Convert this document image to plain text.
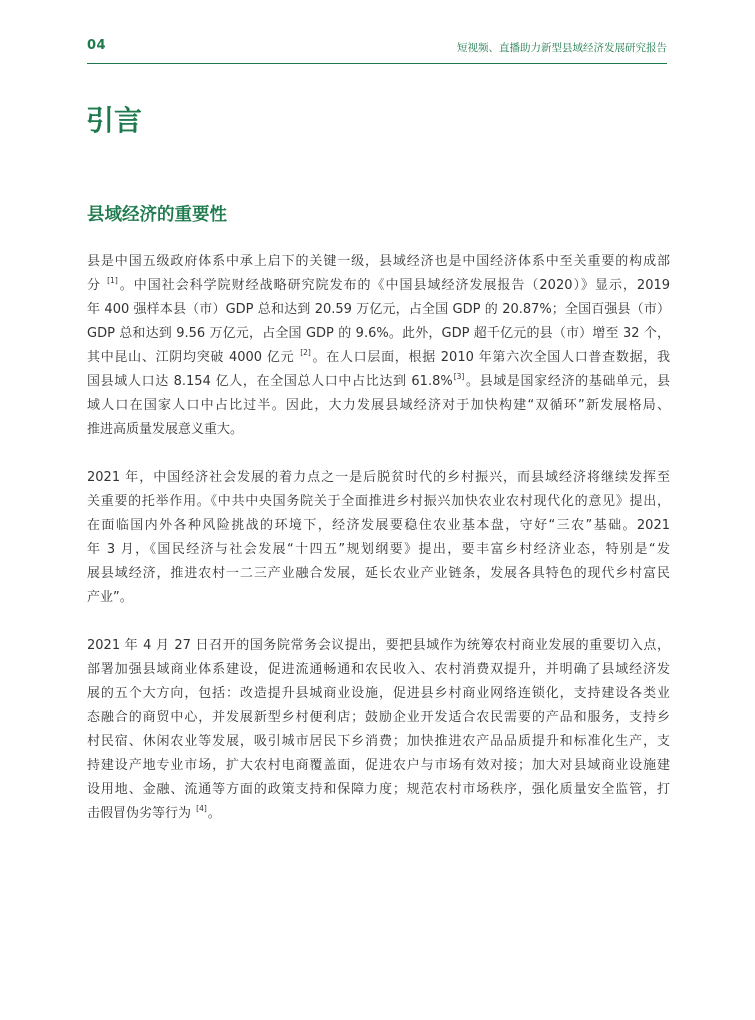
04	短视频、直播助力新型县域经济发展研究报告
引言
县域经济的重要性

县是中国五级政府体系中承上启下的关键一级，县域经济也是中国经济体系中至关重要的构成部
分 [1]。中国社会科学院财经战略研究院发布的《中国县域经济发展报告（2020）》显示，2019
年 400 强样本县（市）GDP 总和达到 20.59 万亿元，占全国 GDP 的 20.87%；全国百强县（市）
GDP 总和达到 9.56 万亿元，占全国 GDP 的 9.6%。此外，GDP 超千亿元的县（市）增至 32 个，
其中昆山、江阴均突破 4000 亿元 [2]。在人口层面，根据 2010 年第六次全国人口普查数据，我
国县域人口达 8.154 亿人，在全国总人口中占比达到 61.8%[3]。县域是国家经济的基础单元，县
域人口在国家人口中占比过半。因此，大力发展县域经济对于加快构建“双循环”新发展格局、
推进高质量发展意义重大。

2021 年，中国经济社会发展的着力点之一是后脱贫时代的乡村振兴，而县域经济将继续发挥至
关重要的托举作用。《中共中央国务院关于全面推进乡村振兴加快农业农村现代化的意见》提出，
在面临国内外各种风险挑战的环境下，经济发展要稳住农业基本盘，守好“三农”基础。2021
年 3 月，《国民经济与社会发展“十四五”规划纲要》提出，要丰富乡村经济业态，特别是“发
展县域经济，推进农村一二三产业融合发展，延长农业产业链条，发展各具特色的现代乡村富民
产业”。

2021 年 4 月 27 日召开的国务院常务会议提出，要把县域作为统筹农村商业发展的重要切入点，
部署加强县域商业体系建设，促进流通畅通和农民收入、农村消费双提升，并明确了县域经济发
展的五个大方向，包括：改造提升县城商业设施，促进县乡村商业网络连锁化，支持建设各类业
态融合的商贸中心，并发展新型乡村便利店；鼓励企业开发适合农民需要的产品和服务，支持乡
村民宿、休闲农业等发展，吸引城市居民下乡消费；加快推进农产品品质提升和标准化生产，支
持建设产地专业市场，扩大农村电商覆盖面，促进农户与市场有效对接；加大对县域商业设施建
设用地、金融、流通等方面的政策支持和保障力度；规范农村市场秩序，强化质量安全监管，打
击假冒伪劣等行为 [4]。
